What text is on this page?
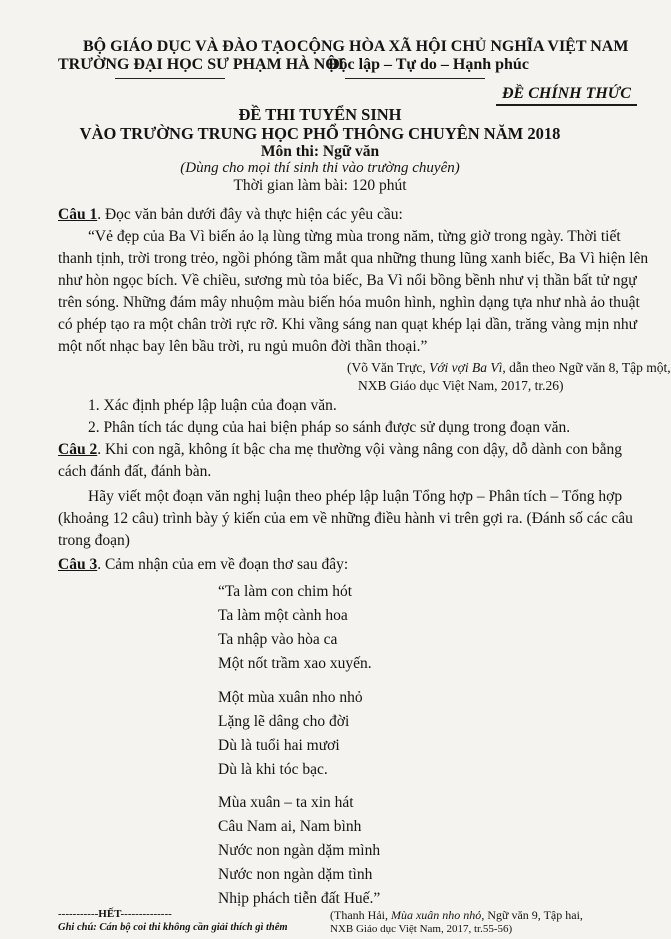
BỘ GIÁO DỤC VÀ ĐÀO TẠO
TRƯỜNG ĐẠI HỌC SƯ PHẠM HÀ NỘI
CỘNG HÒA XÃ HỘI CHỦ NGHĨA VIỆT NAM
Độc lập – Tự do – Hạnh phúc
ĐỀ CHÍNH THỨC
ĐỀ THI TUYỂN SINH
VÀO TRƯỜNG TRUNG HỌC PHỔ THÔNG CHUYÊN NĂM 2018
Môn thi: Ngữ văn
(Dùng cho mọi thí sinh thi vào trường chuyên)
Thời gian làm bài: 120 phút
Câu 1. Đọc văn bản dưới đây và thực hiện các yêu cầu:
“Vẻ đẹp của Ba Vì biến ảo lạ lùng từng mùa trong năm, từng giờ trong ngày. Thời tiết
thanh tịnh, trời trong trẻo, ngồi phóng tầm mắt qua những thung lũng xanh biếc, Ba Vì hiện lên
như hòn ngọc bích. Về chiều, sương mù tỏa biếc, Ba Vì nổi bồng bềnh như vị thần bất tử ngự
trên sóng. Những đám mây nhuộm màu biến hóa muôn hình, nghìn dạng tựa như nhà ảo thuật
có phép tạo ra một chân trời rực rỡ. Khi vầng sáng nan quạt khép lại dần, trăng vàng mịn như
một nốt nhạc bay lên bầu trời, ru ngủ muôn đời thần thoại.”
(Võ Văn Trực, Với vợi Ba Vì, dẫn theo Ngữ văn 8, Tập một,
NXB Giáo dục Việt Nam, 2017, tr.26)
1. Xác định phép lập luận của đoạn văn.
2. Phân tích tác dụng của hai biện pháp so sánh được sử dụng trong đoạn văn.
Câu 2. Khi con ngã, không ít bậc cha mẹ thường vội vàng nâng con dậy, dỗ dành con bằng
cách đánh đất, đánh bàn.
Hãy viết một đoạn văn nghị luận theo phép lập luận Tổng hợp – Phân tích – Tổng hợp
(khoảng 12 câu) trình bày ý kiến của em về những điều hành vi trên gợi ra. (Đánh số các câu
trong đoạn)
Câu 3. Cảm nhận của em về đoạn thơ sau đây:
“Ta làm con chim hót
Ta làm một cành hoa
Ta nhập vào hòa ca
Một nốt trầm xao xuyến.
Một mùa xuân nho nhỏ
Lặng lẽ dâng cho đời
Dù là tuổi hai mươi
Dù là khi tóc bạc.
Mùa xuân – ta xin hát
Câu Nam ai, Nam bình
Nước non ngàn dặm mình
Nước non ngàn dặm tình
Nhịp phách tiễn đất Huế.”
(Thanh Hải, Mùa xuân nho nhỏ, Ngữ văn 9, Tập hai,
NXB Giáo dục Việt Nam, 2017, tr.55-56)
-----------HẾT--------------
Ghi chú: Cán bộ coi thi không cần giải thích gì thêm
